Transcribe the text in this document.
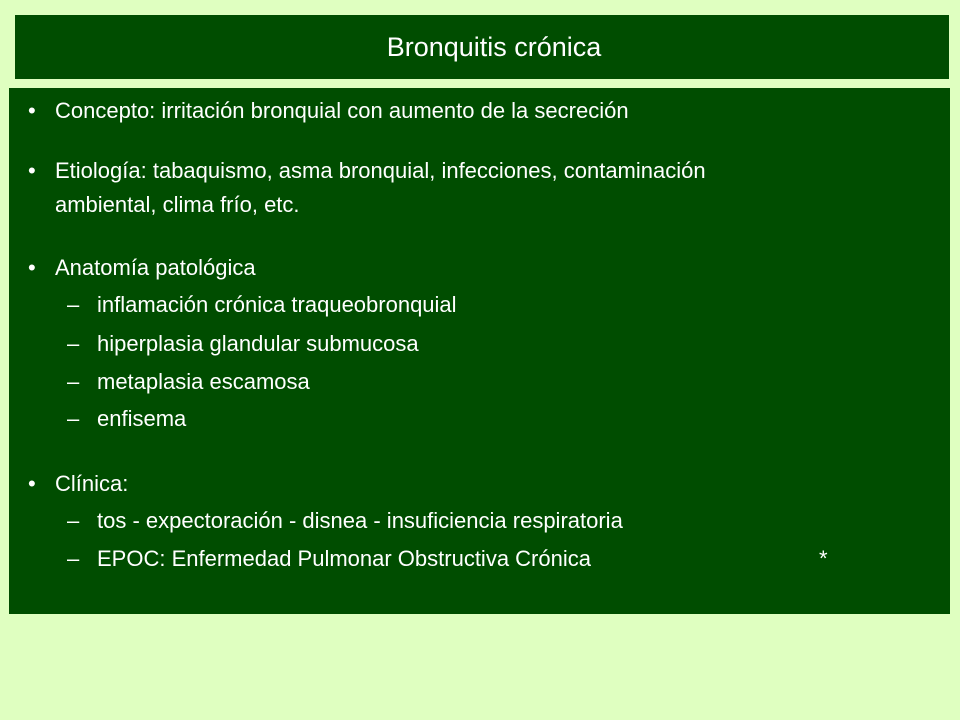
Bronquitis crónica
• Concepto: irritación bronquial con aumento de la secreción
• Etiología: tabaquismo, asma bronquial, infecciones, contaminación
ambiental, clima frío, etc.
• Anatomía patológica
– inflamación crónica traqueobronquial
– hiperplasia glandular submucosa
– metaplasia escamosa
– enfisema
• Clínica:
– tos - expectoración - disnea - insuficiencia respiratoria
– EPOC: Enfermedad Pulmonar Obstructiva Crónica	*
